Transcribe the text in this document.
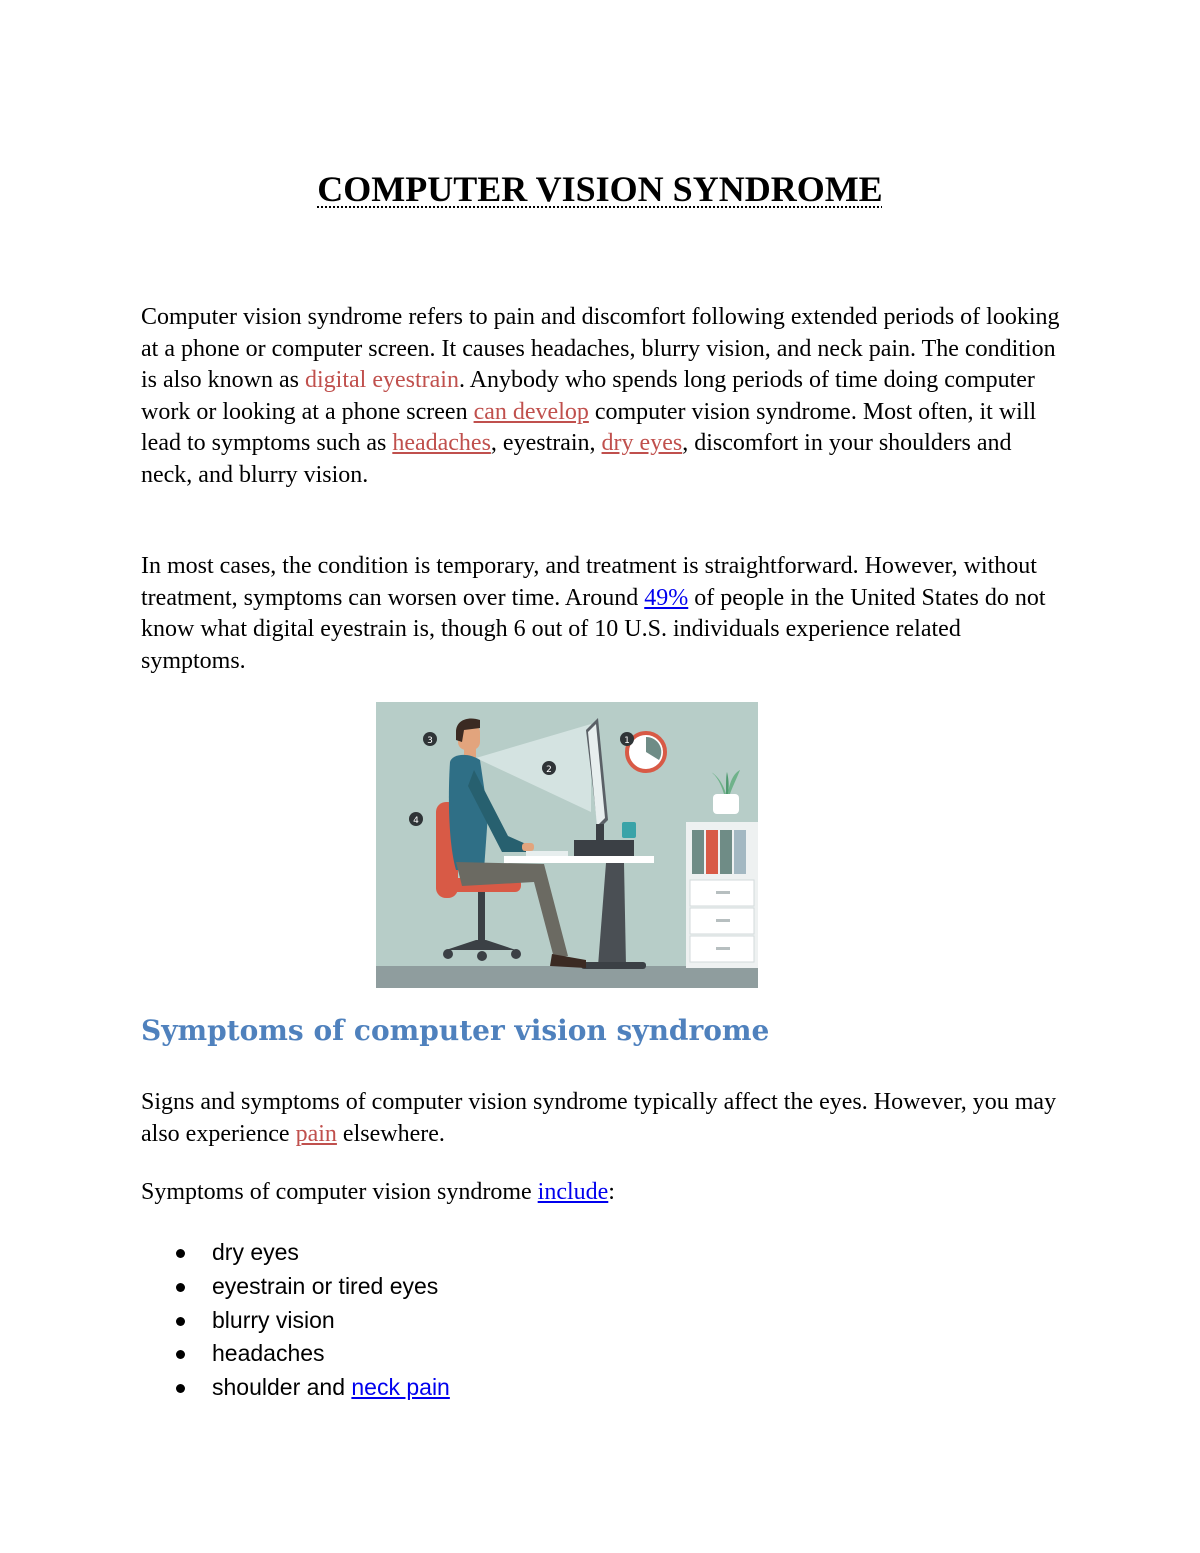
COMPUTER VISION SYNDROME

Computer vision syndrome refers to pain and discomfort following extended periods of looking at a phone or computer screen. It causes headaches, blurry vision, and neck pain. The condition is also known as digital eyestrain. Anybody who spends long periods of time doing computer work or looking at a phone screen can develop computer vision syndrome. Most often, it will lead to symptoms such as headaches, eyestrain, dry eyes, discomfort in your shoulders and neck, and blurry vision.

In most cases, the condition is temporary, and treatment is straightforward. However, without treatment, symptoms can worsen over time. Around 49% of people in the United States do not know what digital eyestrain is, though 6 out of 10 U.S. individuals experience related symptoms.

1
2
3
4
Symptoms of computer vision syndrome

Signs and symptoms of computer vision syndrome typically affect the eyes. However, you may also experience pain elsewhere.

Symptoms of computer vision syndrome include:

dry eyes
eyestrain or tired eyes
blurry vision
headaches
shoulder and neck pain
